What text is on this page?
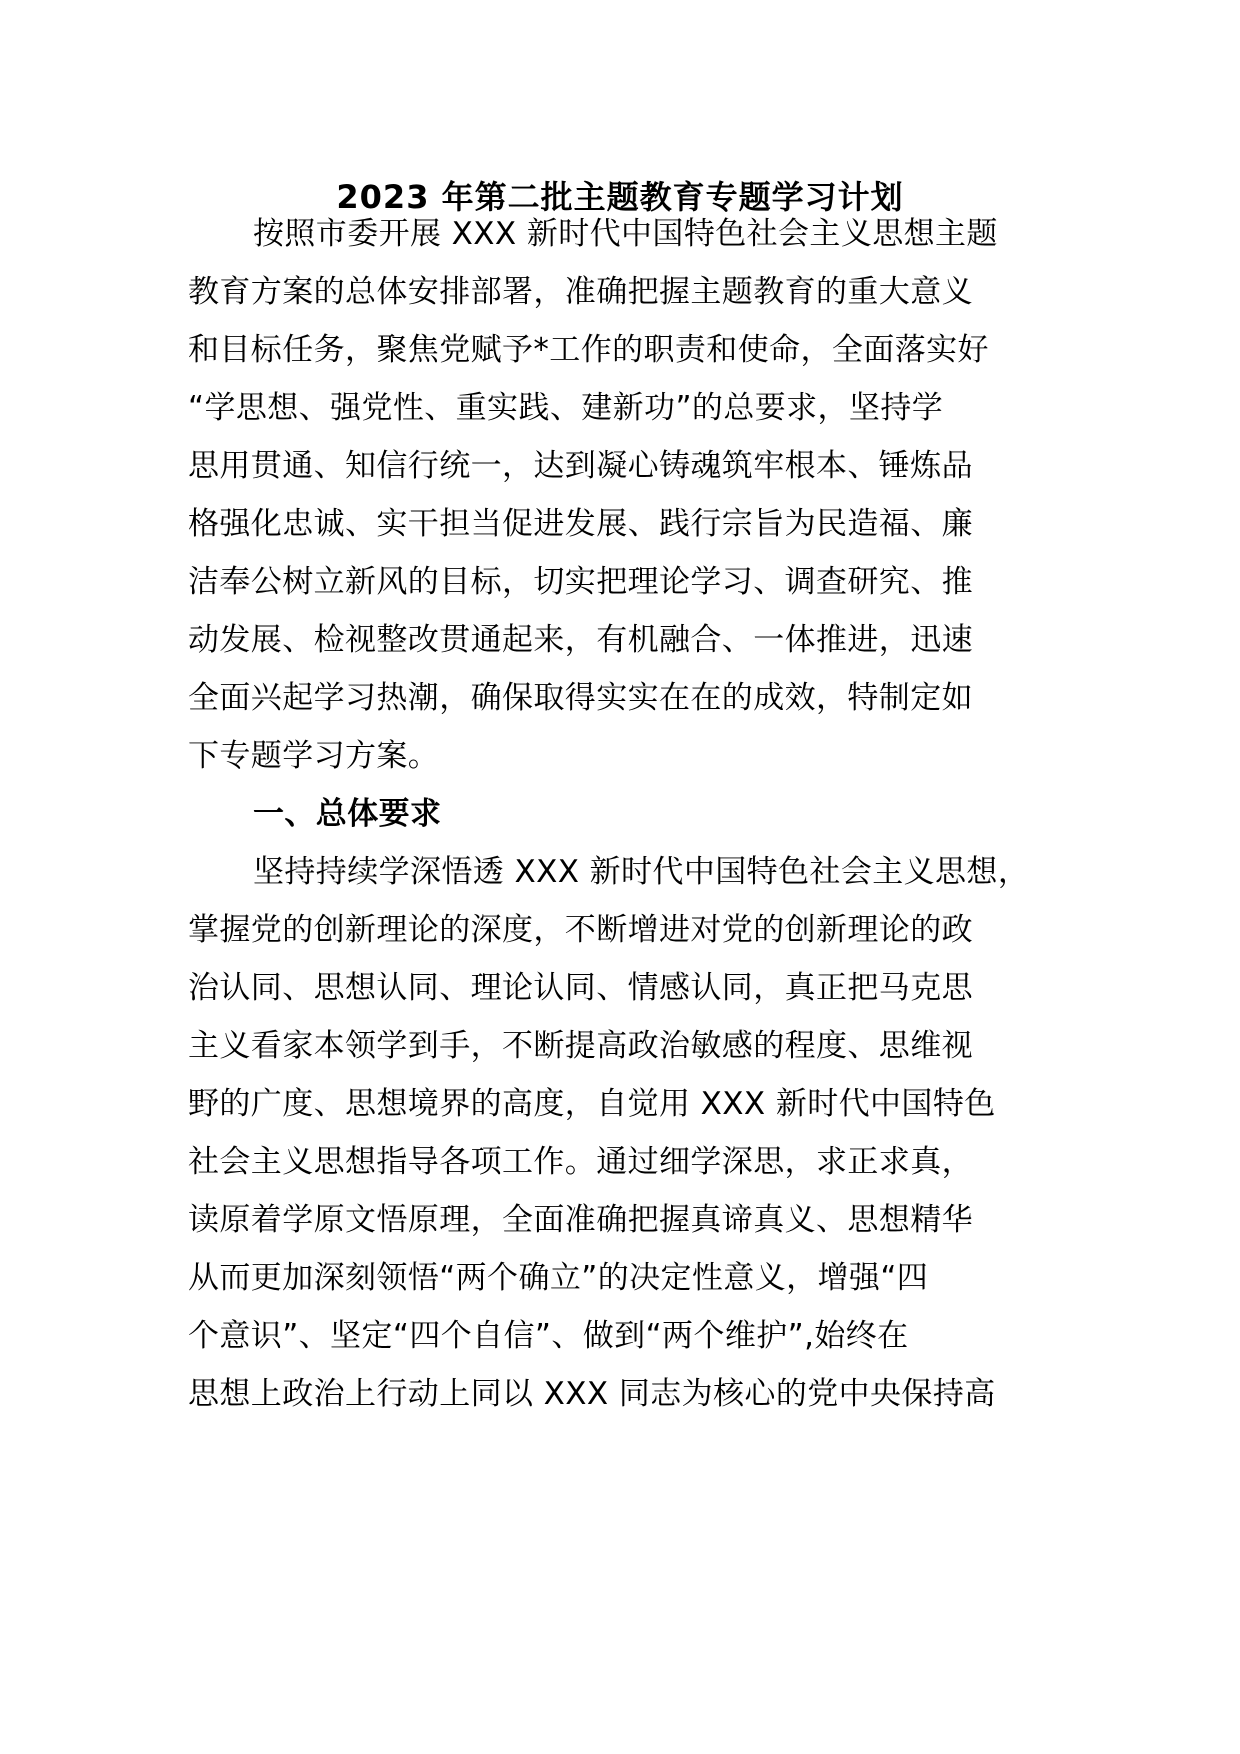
2023 年第二批主题教育专题学习计划
按照市委开展 XXX 新时代中国特色社会主义思想主题
教育方案的总体安排部署，准确把握主题教育的重大意义
和目标任务，聚焦党赋予*工作的职责和使命，全面落实好
“学思想、强党性、重实践、建新功”的总要求，坚持学
思用贯通、知信行统一，达到凝心铸魂筑牢根本、锤炼品
格强化忠诚、实干担当促进发展、践行宗旨为民造福、廉
洁奉公树立新风的目标，切实把理论学习、调查研究、推
动发展、检视整改贯通起来，有机融合、一体推进，迅速
全面兴起学习热潮，确保取得实实在在的成效，特制定如
下专题学习方案。
一、总体要求
坚持持续学深悟透 XXX 新时代中国特色社会主义思想，
掌握党的创新理论的深度，不断增进对党的创新理论的政
治认同、思想认同、理论认同、情感认同，真正把马克思
主义看家本领学到手，不断提高政治敏感的程度、思维视
野的广度、思想境界的高度，自觉用 XXX 新时代中国特色
社会主义思想指导各项工作。通过细学深思，求正求真，
读原着学原文悟原理，全面准确把握真谛真义、思想精华
从而更加深刻领悟“两个确立”的决定性意义，增强“四
个意识”、坚定“四个自信”、做到“两个维护”,始终在
思想上政治上行动上同以 XXX 同志为核心的党中央保持高
